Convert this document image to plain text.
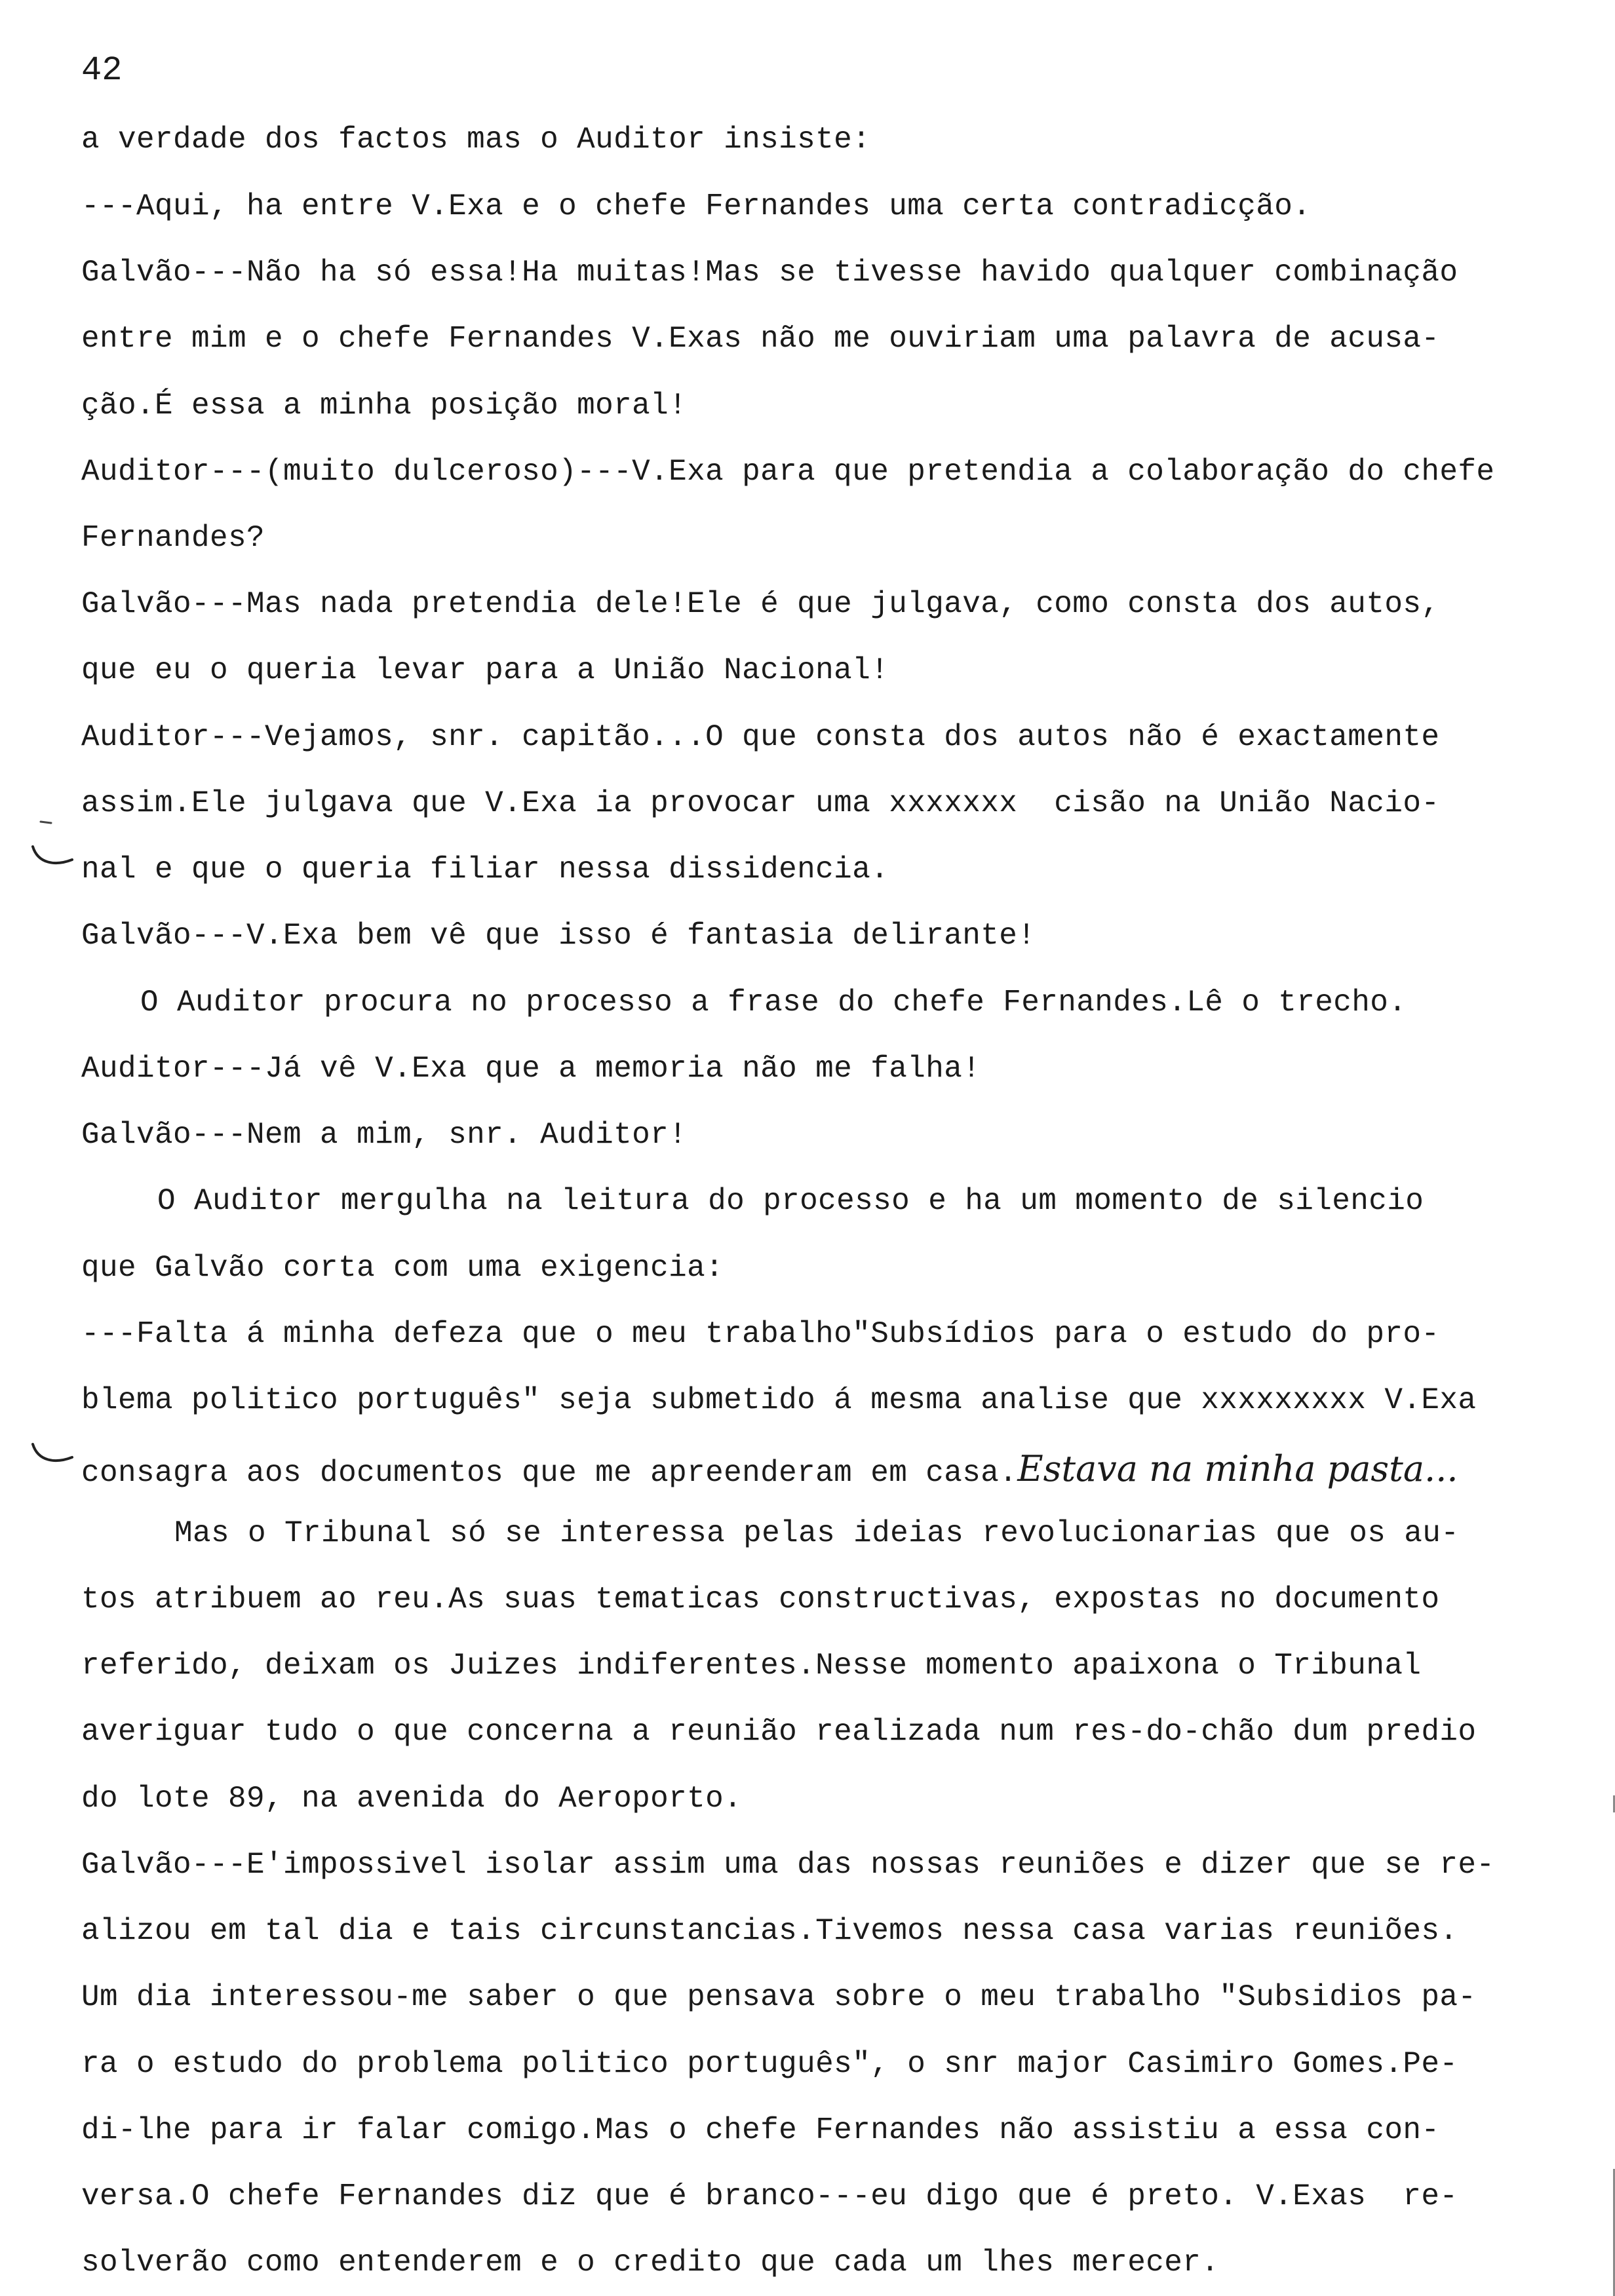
42
a verdade dos factos mas o Auditor insiste:
---Aqui, ha entre V.Exa e o chefe Fernandes uma certa contradicção.
Galvão---Não ha só essa!Ha muitas!Mas se tivesse havido qualquer combinação
entre mim e o chefe Fernandes V.Exas não me ouviriam uma palavra de acusa-
ção.É essa a minha posição moral!
Auditor---(muito dulceroso)---V.Exa para que pretendia a colaboração do chefe
Fernandes?
Galvão---Mas nada pretendia dele!Ele é que julgava, como consta dos autos,
que eu o queria levar para a União Nacional!
Auditor---Vejamos, snr. capitão...O que consta dos autos não é exactamente
assim.Ele julgava que V.Exa ia provocar uma xxxxxxx  cisão na União Nacio-
nal e que o queria filiar nessa dissidencia.
Galvão---V.Exa bem vê que isso é fantasia delirante!
O Auditor procura no processo a frase do chefe Fernandes.Lê o trecho.
Auditor---Já vê V.Exa que a memoria não me falha!
Galvão---Nem a mim, snr. Auditor!
O Auditor mergulha na leitura do processo e ha um momento de silencio
que Galvão corta com uma exigencia:
---Falta á minha defeza que o meu trabalho"Subsídios para o estudo do pro-
blema politico português" seja submetido á mesma analise que xxxxxxxxx V.Exa
consagra aos documentos que me apreenderam em casa.Estava na minha pasta...
Mas o Tribunal só se interessa pelas ideias revolucionarias que os au-
tos atribuem ao reu.As suas tematicas constructivas, expostas no documento
referido, deixam os Juizes indiferentes.Nesse momento apaixona o Tribunal
averiguar tudo o que concerna a reunião realizada num res-do-chão dum predio
do lote 89, na avenida do Aeroporto.
Galvão---E'impossivel isolar assim uma das nossas reuniões e dizer que se re-
alizou em tal dia e tais circunstancias.Tivemos nessa casa varias reuniões.
Um dia interessou-me saber o que pensava sobre o meu trabalho "Subsidios pa-
ra o estudo do problema politico português", o snr major Casimiro Gomes.Pe-
di-lhe para ir falar comigo.Mas o chefe Fernandes não assistiu a essa con-
versa.O chefe Fernandes diz que é branco---eu digo que é preto. V.Exas  re-
solverão como entenderem e o credito que cada um lhes merecer.
